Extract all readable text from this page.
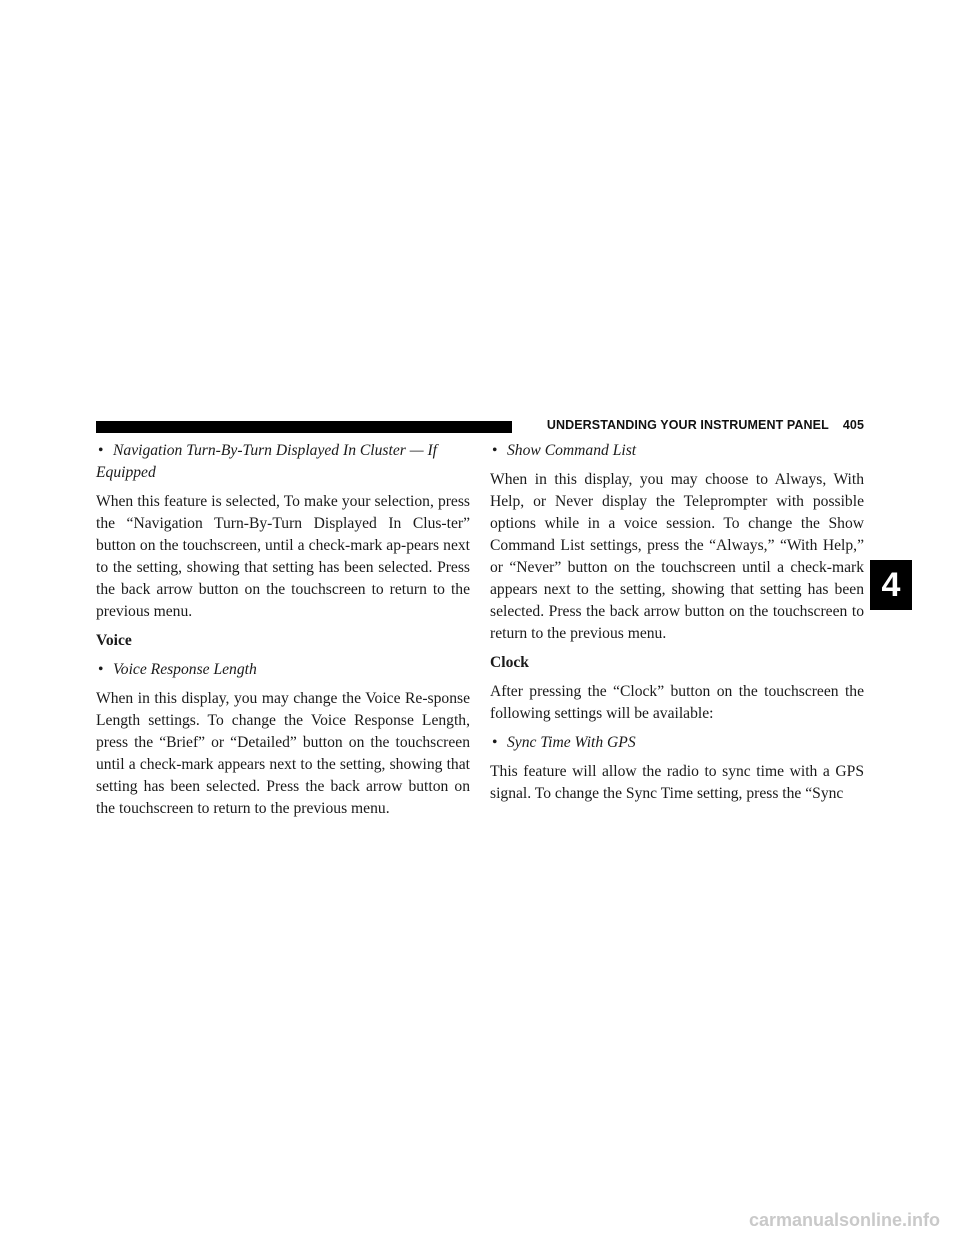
UNDERSTANDING YOUR INSTRUMENT PANEL 405
• Navigation Turn-By-Turn Displayed In Cluster — If Equipped

When this feature is selected, To make your selection, press the “Navigation Turn-By-Turn Displayed In Clus-ter” button on the touchscreen, until a check-mark ap-pears next to the setting, showing that setting has been selected. Press the back arrow button on the touchscreen to return to the previous menu.

Voice
• Voice Response Length

When in this display, you may change the Voice Re-sponse Length settings. To change the Voice Response Length, press the “Brief” or “Detailed” button on the touchscreen until a check-mark appears next to the setting, showing that setting has been selected. Press the back arrow button on the touchscreen to return to the previous menu.

• Show Command List

When in this display, you may choose to Always, With Help, or Never display the Teleprompter with possible options while in a voice session. To change the Show Command List settings, press the “Always,” “With Help,” or “Never” button on the touchscreen until a check-mark appears next to the setting, showing that setting has been selected. Press the back arrow button on the touchscreen to return to the previous menu.

Clock

After pressing the “Clock” button on the touchscreen the following settings will be available:

• Sync Time With GPS

This feature will allow the radio to sync time with a GPS signal. To change the Sync Time setting, press the “Sync

4
carmanualsonline.info
